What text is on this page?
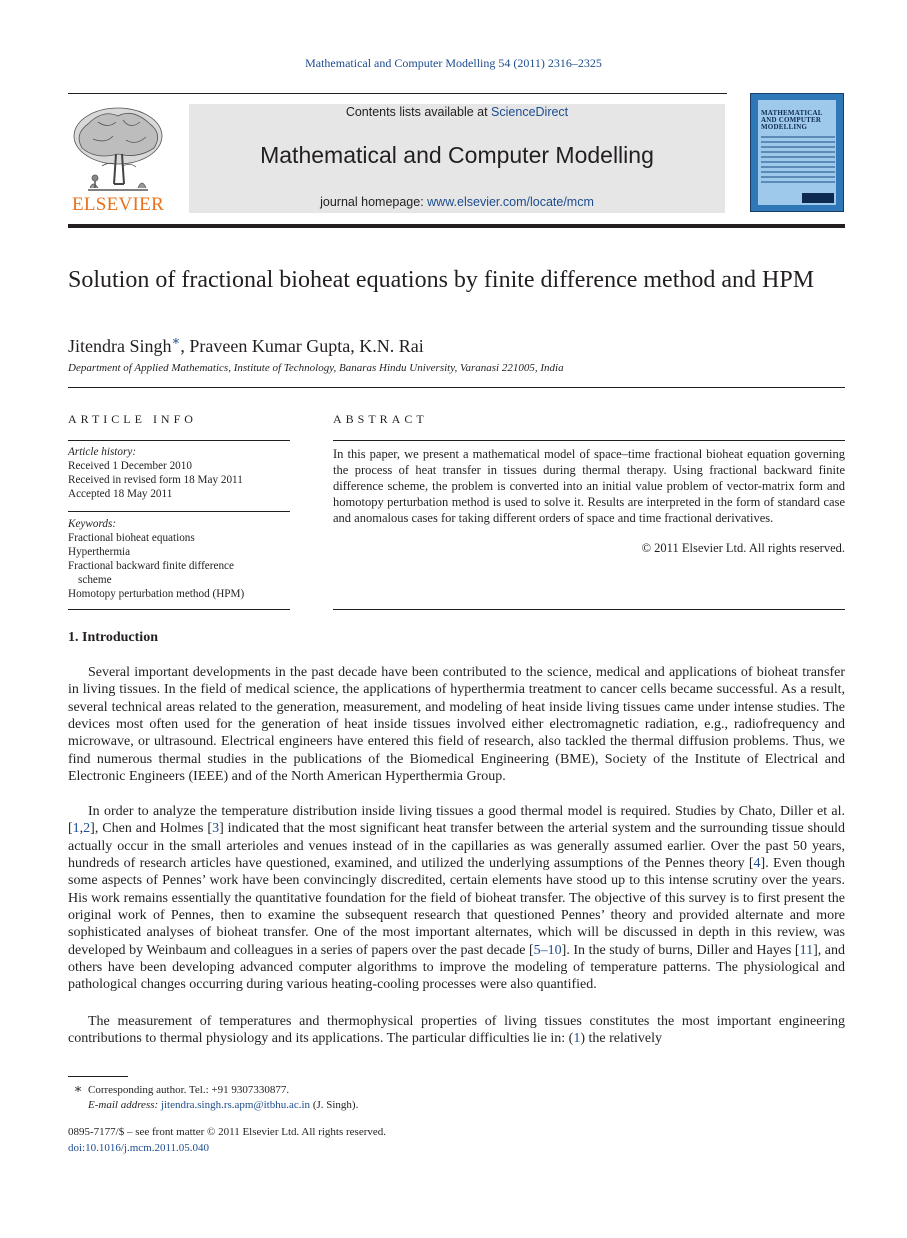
Mathematical and Computer Modelling 54 (2011) 2316–2325
ELSEVIER
Contents lists available at ScienceDirect
Mathematical and Computer Modelling
journal homepage: www.elsevier.com/locate/mcm
MATHEMATICAL AND COMPUTER MODELLING
Solution of fractional bioheat equations by finite difference method and HPM
Jitendra Singh∗, Praveen Kumar Gupta, K.N. Rai
Department of Applied Mathematics, Institute of Technology, Banaras Hindu University, Varanasi 221005, India
ARTICLE INFO
Article history:
Received 1 December 2010
Received in revised form 18 May 2011
Accepted 18 May 2011
Keywords:
Fractional bioheat equations
Hyperthermia
Fractional backward finite difference
scheme
Homotopy perturbation method (HPM)
ABSTRACT
In this paper, we present a mathematical model of space–time fractional bioheat equation governing the process of heat transfer in tissues during thermal therapy. Using fractional backward finite difference scheme, the problem is converted into an initial value problem of vector-matrix form and homotopy perturbation method is used to solve it. Results are interpreted in the form of standard case and anomalous cases for taking different orders of space and time fractional derivatives.
© 2011 Elsevier Ltd. All rights reserved.
1. Introduction
Several important developments in the past decade have been contributed to the science, medical and applications of bioheat transfer in living tissues. In the field of medical science, the applications of hyperthermia treatment to cancer cells became successful. As a result, several technical areas related to the generation, measurement, and modeling of heat inside living tissues came under intense studies. The devices most often used for the generation of heat inside tissues involved either electromagnetic radiation, e.g., radiofrequency and microwave, or ultrasound. Electrical engineers have entered this field of research, also tackled the thermal diffusion problems. Thus, we find numerous thermal studies in the publications of the Biomedical Engineering (BME), Society of the Institute of Electrical and Electronic Engineers (IEEE) and of the North American Hyperthermia Group.
In order to analyze the temperature distribution inside living tissues a good thermal model is required. Studies by Chato, Diller et al. [1,2], Chen and Holmes [3] indicated that the most significant heat transfer between the arterial system and the surrounding tissue should actually occur in the small arterioles and venues instead of in the capillaries as was generally assumed earlier. Over the past 50 years, hundreds of research articles have questioned, examined, and utilized the underlying assumptions of the Pennes theory [4]. Even though some aspects of Pennes’ work have been convincingly discredited, certain elements have stood up to this intense scrutiny over the years. His work remains essentially the quantitative foundation for the field of bioheat transfer. The objective of this survey is to first present the original work of Pennes, then to examine the subsequent research that questioned Pennes’ theory and provided alternate and more sophisticated analyses of bioheat transfer. One of the most important alternates, which will be discussed in depth in this review, was developed by Weinbaum and colleagues in a series of papers over the past decade [5–10]. In the study of burns, Diller and Hayes [11], and others have been developing advanced computer algorithms to improve the modeling of temperature patterns. The physiological and pathological changes occurring during various heating-cooling processes were also quantified.
The measurement of temperatures and thermophysical properties of living tissues constitutes the most important engineering contributions to thermal physiology and its applications. The particular difficulties lie in: (1) the relatively
∗ Corresponding author. Tel.: +91 9307330877.
E-mail address: jitendra.singh.rs.apm@itbhu.ac.in (J. Singh).
0895-7177/$ – see front matter © 2011 Elsevier Ltd. All rights reserved.
doi:10.1016/j.mcm.2011.05.040
